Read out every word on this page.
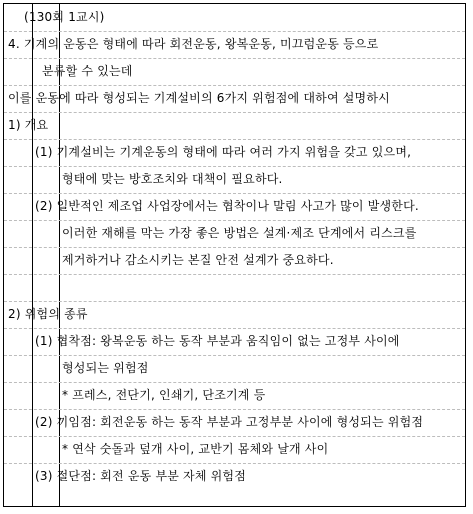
(130회 1교시)
4. 기계의 운동은 형태에 따라 회전운동, 왕복운동, 미끄럼운동 등으로
분류할 수 있는데
이를 운동에 따라 형성되는 기계설비의 6가지 위험점에 대하여 설명하시
1) 개요
(1) 기계설비는 기계운동의 형태에 따라 여러 가지 위험을 갖고 있으며,
형태에 맞는 방호조치와 대책이 필요하다.
(2) 일반적인 제조업 사업장에서는 협착이나 말림 사고가 많이 발생한다.
이러한 재해를 막는 가장 좋은 방법은 설계·제조 단계에서 리스크를
제거하거나 감소시키는 본질 안전 설계가 중요하다.
2) 위험의 종류
(1) 협착점: 왕복운동 하는 동작 부분과 움직임이 없는 고정부 사이에
형성되는 위험점
* 프레스, 전단기, 인쇄기, 단조기계 등
(2) 끼임점: 회전운동 하는 동작 부분과 고정부분 사이에 형성되는 위험점
* 연삭 숫돌과 덮개 사이, 교반기 몸체와 날개 사이
(3) 절단점: 회전 운동 부분 자체 위험점
